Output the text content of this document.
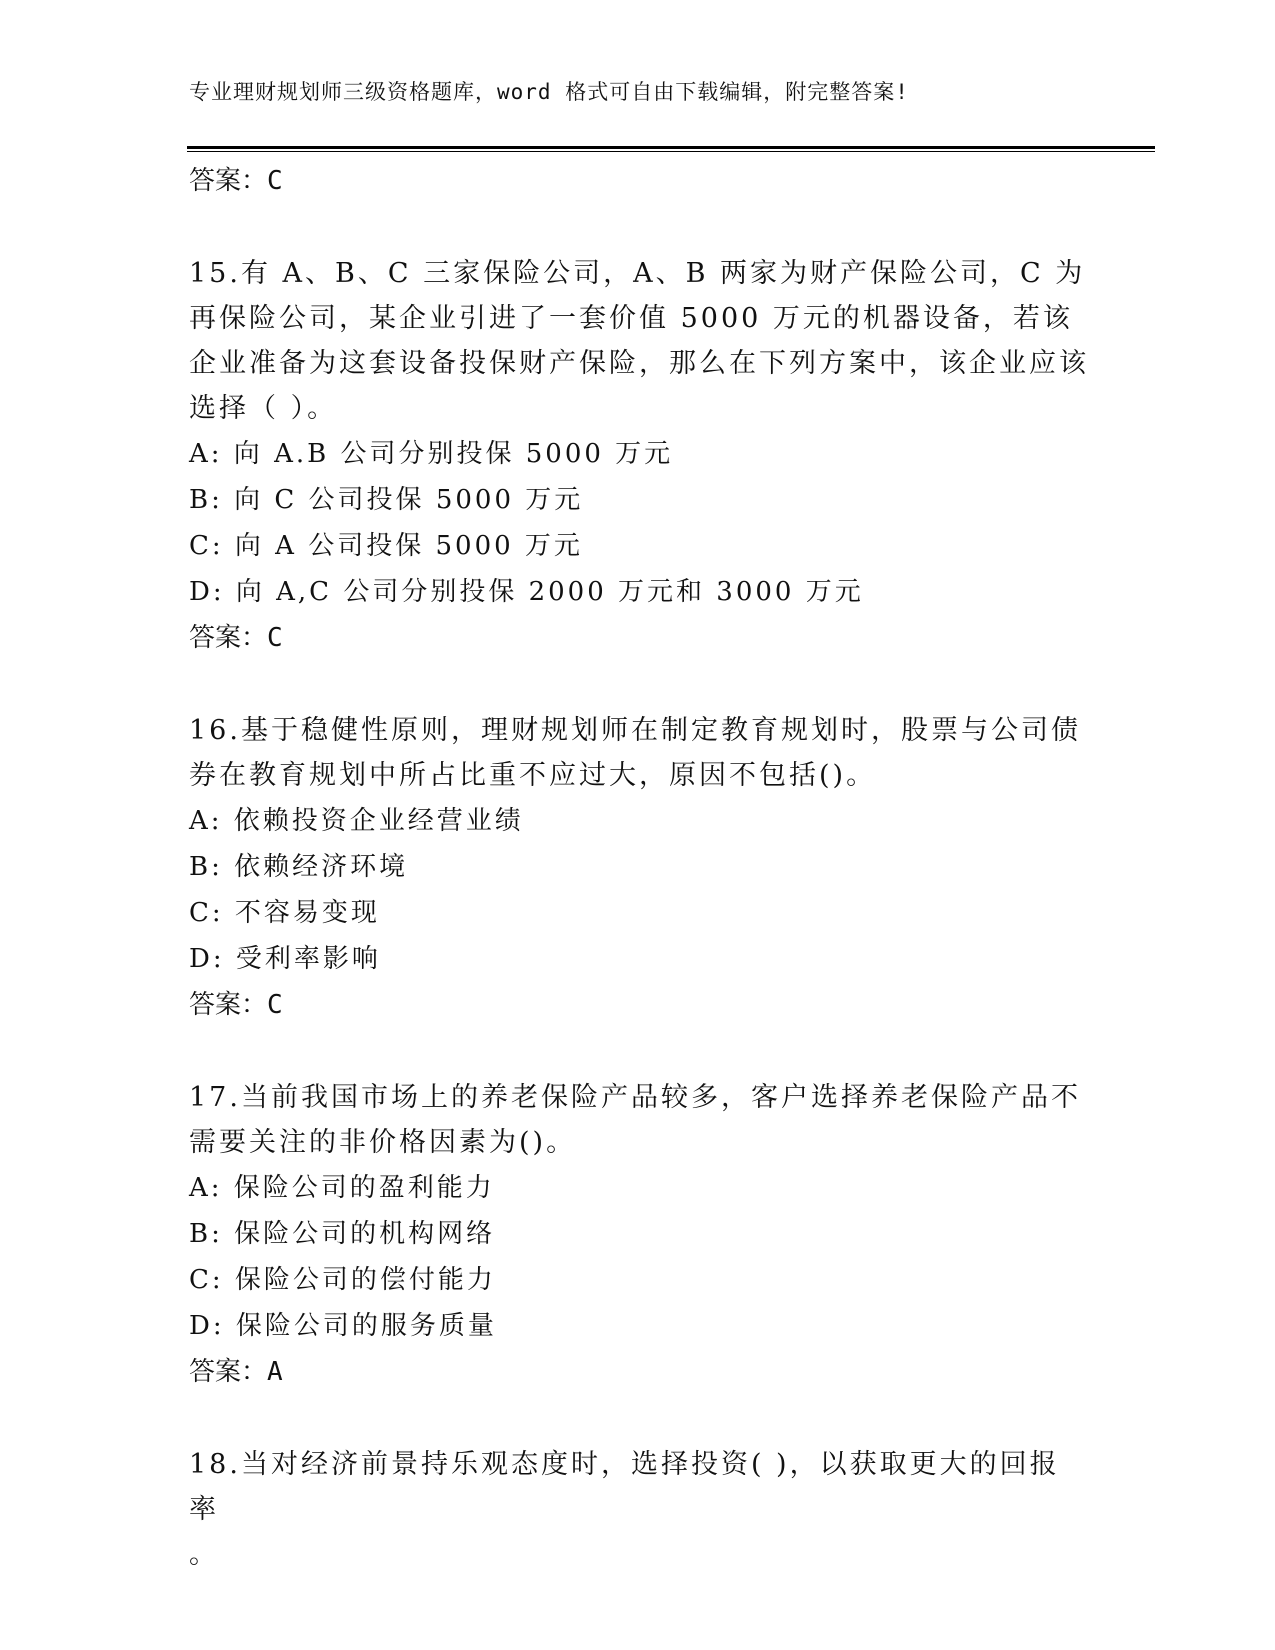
专业理财规划师三级资格题库，word 格式可自由下载编辑，附完整答案!
答案：C
15.有 A、B、C 三家保险公司，A、B 两家为财产保险公司，C 为再保险公司，某企业引进了一套价值 5000 万元的机器设备，若该企业准备为这套设备投保财产保险，那么在下列方案中，该企业应该选择（ ）。
A: 向 A.B 公司分别投保 5000 万元
B: 向 C 公司投保 5000 万元
C: 向 A 公司投保 5000 万元
D: 向 A,C 公司分别投保 2000 万元和 3000 万元
答案：C
16.基于稳健性原则，理财规划师在制定教育规划时，股票与公司债券在教育规划中所占比重不应过大，原因不包括()。
A: 依赖投资企业经营业绩
B: 依赖经济环境
C: 不容易变现
D: 受利率影响
答案：C
17.当前我国市场上的养老保险产品较多，客户选择养老保险产品不需要关注的非价格因素为()。
A: 保险公司的盈利能力
B: 保险公司的机构网络
C: 保险公司的偿付能力
D: 保险公司的服务质量
答案：A
18.当对经济前景持乐观态度时，选择投资( )，以获取更大的回报率
。
